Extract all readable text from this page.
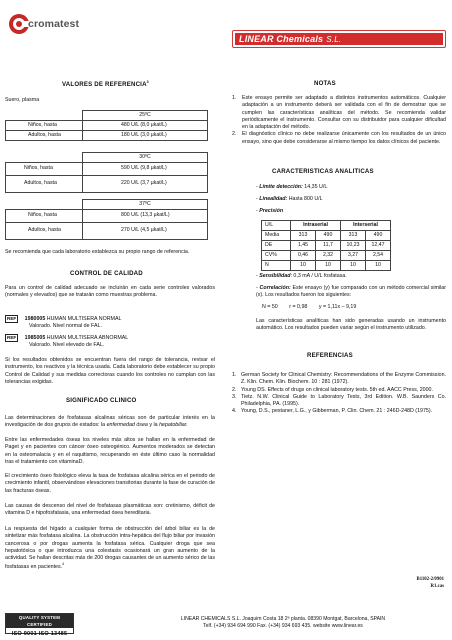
cromatest
LINEAR Chemicals S.L.
VALORES DE REFERENCIA$^3$
Suero, plasma
	25ºC
Niños, hasta	480 U/L (8,0 µkat/L)
Adultos, hasta	180 U/L (3,0 µkat/L)
	30ºC
Niños, hasta	590 U/L (9,8 µkat/L)
Adultos, hasta	220 U/L (3,7 µkat/L)
	37ºC
Niños, hasta	800 U/L (13,3 µkat/L)
Adultos, hasta	270 U/L (4,5 µkat/L)

Se recomienda que cada laboratorio establezca su propio rango de referencia.

CONTROL DE CALIDAD

Para un control de calidad adecuado se incluirán en cada serie controles valorados (normales y elevados) que se tratarán como muestras problema.

REF 1980005 HUMAN MULTISERA NORMAL
Valorado. Nivel normal de FAL.
REF 1985005 HUMAN MULTISERA ABNORMAL
Valorado. Nivel elevado de FAL.

Si los resultados obtenidos se encuentran fuera del rango de tolerancia, revisar el instrumento, los reactivos y la técnica usada. Cada laboratorio debe establecer su propio Control de Calidad y sus medidas correctoras cuando los controles no cumplan con las tolerancias exigidas.

SIGNIFICADO CLINICO

Las determinaciones de fosfatasas alcalinas séricas son de particular interés en la investigación de dos grupos de estados: la enfermedad ósea y la hepatobiliar.

Entre las enfermedades óseas los niveles más altos se hallan en la enfermedad de Paget y en pacientes con cáncer óseo osteogénico. Aumentos moderados se detectan en la osteomalacia y en el raquitismo, recuperando en éste último caso la normalidad tras el tratamiento con vitaminaD.

El crecimiento óseo fisiológico eleva la tasa de fosfatasa alcalina sérica en el periodo de crecimiento infantil, observándose elevaciones transitorias durante la fase de curación de las fracturas óseas.

Las causas de descenso del nivel de fosfatasas plasmáticas son: cretinismo, déficit de vitamina D e hipofosfatasia, una enfermedad ósea hereditaria.

La respuesta del hígado a cualquier forma de obstrucción del árbol biliar es la de sintetizar más fosfatasa alcalina. La obstrucción intra-hepática del flujo biliar por invasión cancerosa o por drogas aumenta la fosfatasa sérica. Cualquier droga que sea hepatotóxica o que introduzca una colestasis ocasionará un gran aumento de la actividad. Se hallan descritas más de 200 drogas causantes de un aumento sérico de las fosfatasas en pacientes.$^4$

NOTAS
1. Este ensayo permite ser adaptado a distintos instrumentos automáticos. Cualquier adaptación a un instrumento deberá ser validada con el fin de demostrar que se cumplen las características analíticas del método. Se recomienda validar periódicamente el instrumento. Consultar con su distribuidor para cualquier dificultad en la adaptación del método.
2. El diagnóstico clínico no debe realizarse únicamente con los resultados de un único ensayo, sino que debe considerarse al mismo tiempo los datos clínicos del paciente.
CARACTERISTICAS ANALITICAS
- Límite detección: 14,35 U/L
- Linealidad: Hasta 800 U/L
- Precisión
U/L	Intraserial		Interserial	
Media	313	490	313	490
DE	1,45	11,7	10,23	12,47
CV%	0,46	2,32	3,27	2,54
N	10	10	10	10
- Sensibilidad: 0,3 mA / U/L fosfatasa.
- Correlación: Este ensayo (y) fue comparado con un método comercial similar (x). Los resultados fueron los siguientes:
N = 50 r = 0,98 y = 1,11x – 9,19

Las características analíticas han sido generadas usando un instrumento automático. Los resultados pueden variar según el instrumento utilizado.

REFERENCIAS
1. German Society for Clinical Chemistry: Recommendations of the Enzyme Commission. Z. Klin. Chem. Klin. Biochem. 10 : 281 (1972).
2. Young DS. Effects of drugs on clinical laboratory tests. 5th ed. AACC Press, 2000.
3. Tietz. N.W. Clinical Guide to Laboratory Tests, 3rd Edition. W.B. Saunders Co. Philadelphia, PA. (1995).
4. Young, D.S., pestaner, L.G., y Gibberman, P. Clin. Chem. 21 : 246D-248D (1975).
B1102-2/0901
R1.cas
QUALITY SYSTEM CERTIFIED
ISO 9001 ISO 13485
LINEAR CHEMICALS S.L. Joaquim Costa 18 2ª planta. 08390 Montgat, Barcelona, SPAIN
Telf. (+34) 934 694 990 Fax. (+34) 934 693 435. website www.linear.es
